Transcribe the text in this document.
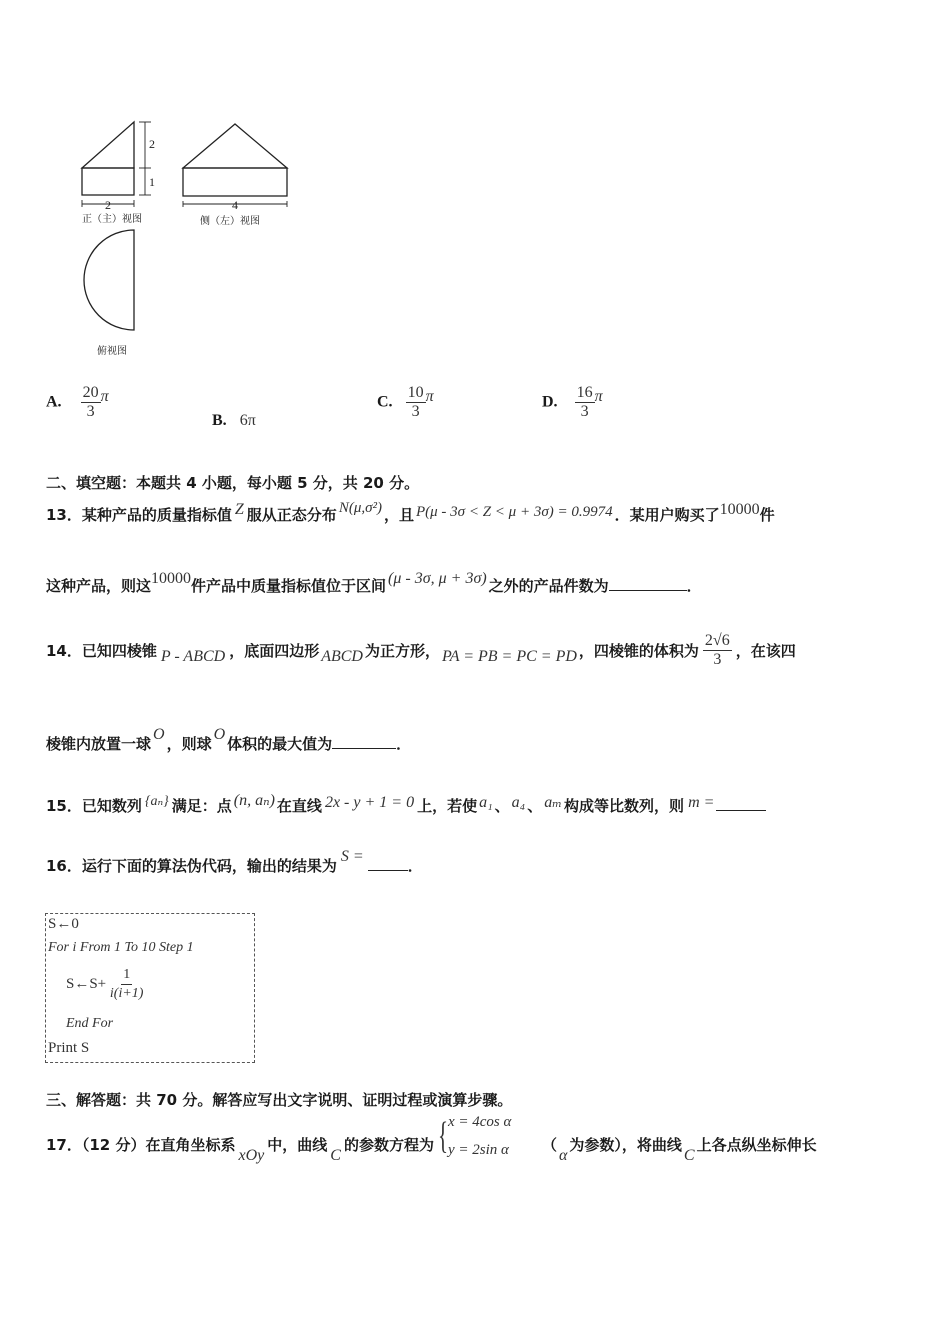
2
1
2
正（主）视图
4
侧（左）视图
俯视图
A. $\frac{20}{3}$ π
B. 6π
C. $\frac{10}{3}$ π	D. $\frac{16}{3}$ π
二、填空题：本题共 4 小题，每小题 5 分，共 20 分。
13．某种产品的质量指标值 Z 服从正态分布 N(μ,σ²) ，且 P(μ - 3σ < Z < μ + 3σ) = 0.9974 ．某用户购买了10000件
这种产品，则这10000件产品中质量指标值位于区间 (μ - 3σ, μ + 3σ) 之外的产品件数为	．
14．已知四棱锥 P - ABCD ，底面四边形 ABCD 为正方形， PA = PB = PC = PD ，四棱锥的体积为 $\frac{2√6}{3}$ ，在该四
棱锥内放置一球O，则球O体积的最大值为	．
15．已知数列 {aₙ} 满足：点 (n, aₙ) 在直线 2x - y + 1 = 0 上，若使 a₁ 、 a₄ 、 aₘ 构成等比数列，则 m =
16．运行下面的算法伪代码，输出的结果为S =．
S←0
For i From 1 To 10 Step 1
S←S+ $\frac{1}{i(i+1)}$
End For
Print S
三、解答题：共 70 分。解答应写出文字说明、证明过程或演算步骤。
17．（12 分）在直角坐标系xOy中，曲线C的参数方程为 { x = 4cos α
y = 2sin α （α为参数），将曲线C上各点纵坐标伸长
